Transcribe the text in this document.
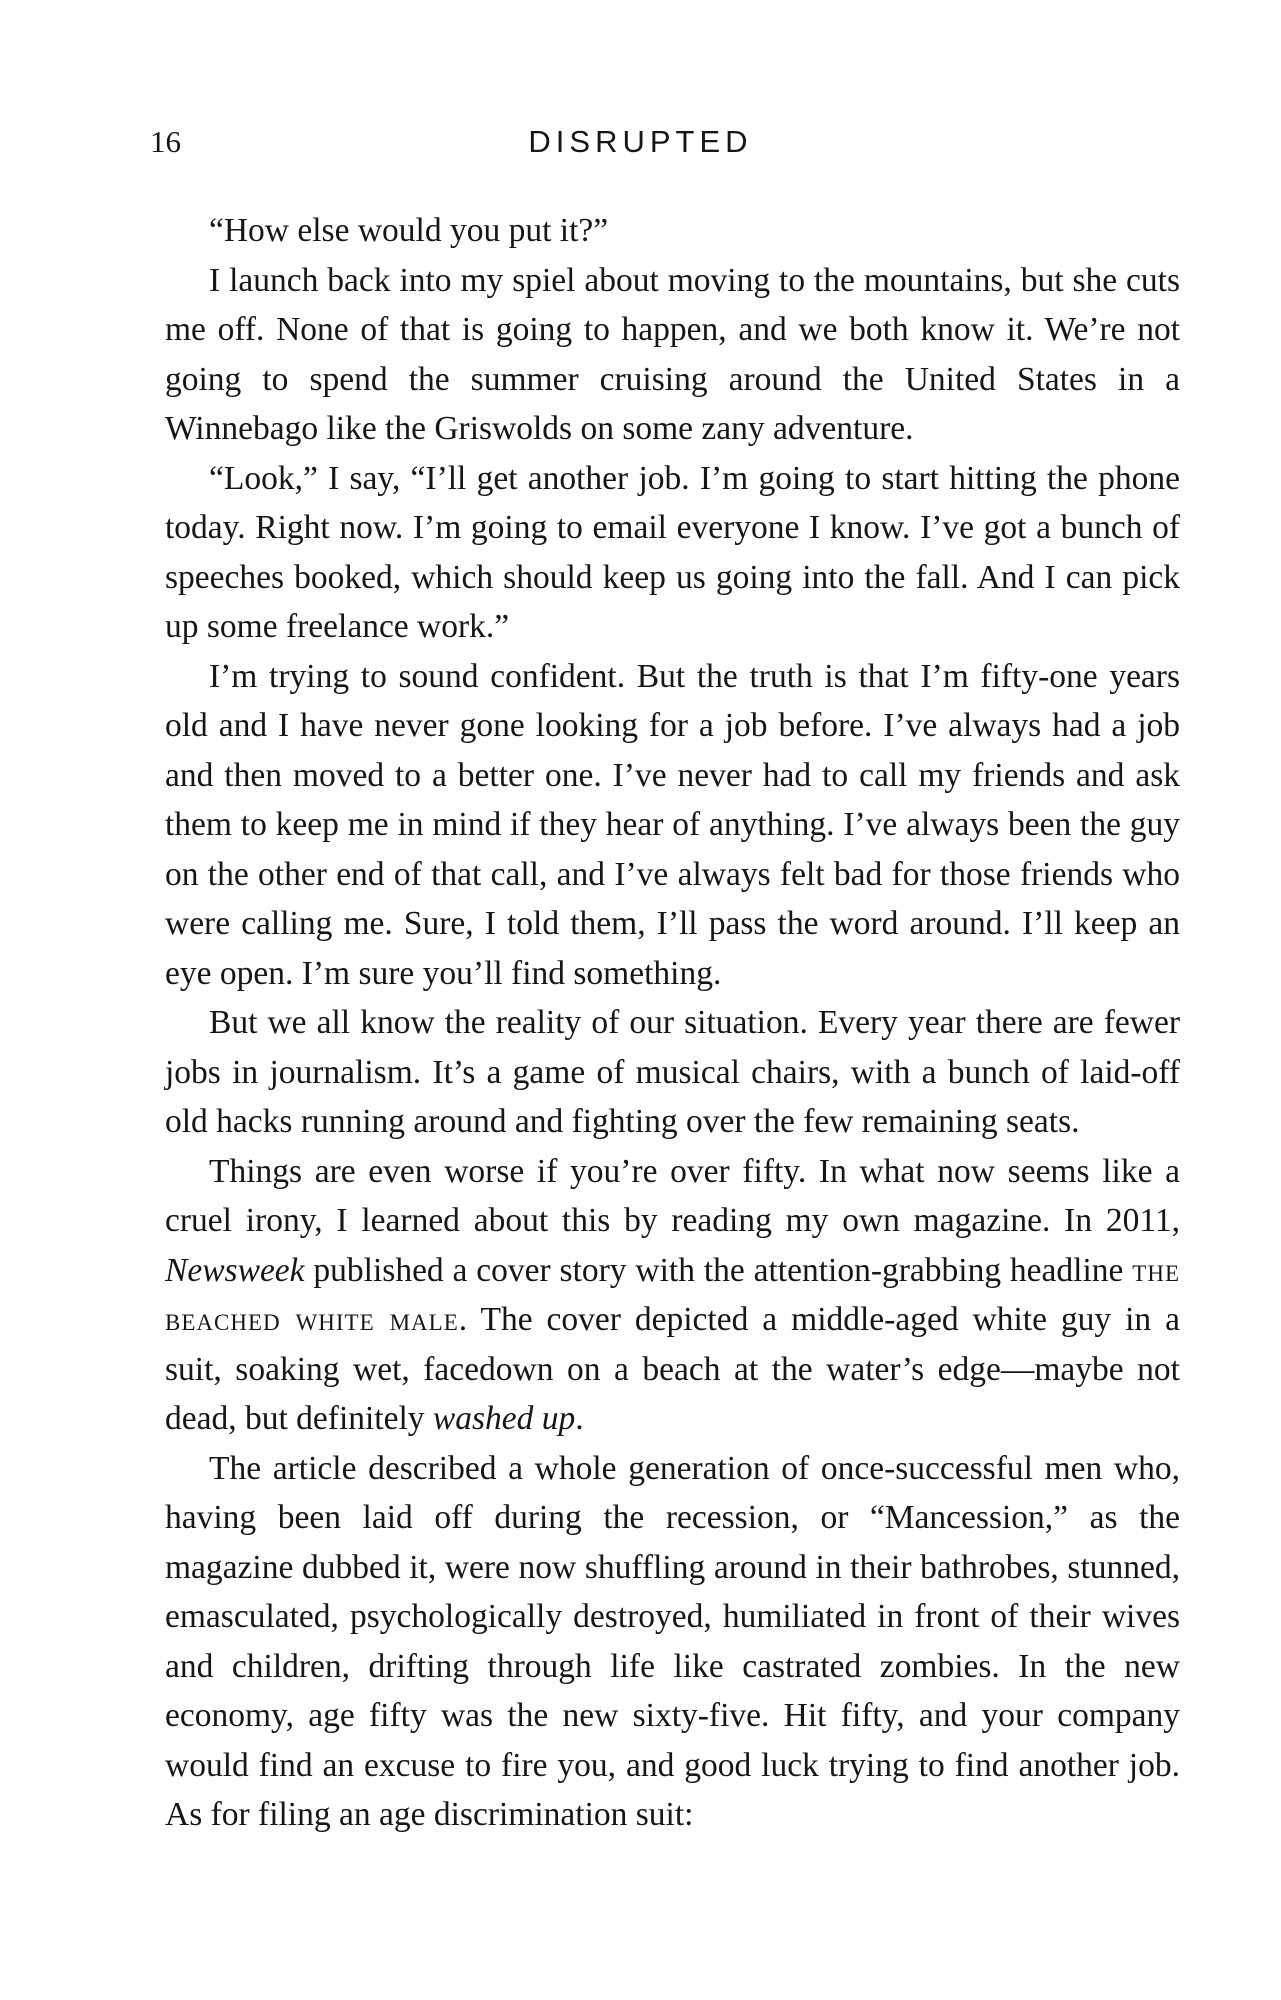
16	DISRUPTED

“How else would you put it?”

I launch back into my spiel about moving to the mountains, but she cuts me off. None of that is going to happen, and we both know it. We’re not going to spend the summer cruising around the United States in a Winnebago like the Griswolds on some zany adventure.

“Look,” I say, “I’ll get another job. I’m going to start hitting the phone today. Right now. I’m going to email everyone I know. I’ve got a bunch of speeches booked, which should keep us going into the fall. And I can pick up some freelance work.”

I’m trying to sound confident. But the truth is that I’m fifty-one years old and I have never gone looking for a job before. I’ve always had a job and then moved to a better one. I’ve never had to call my friends and ask them to keep me in mind if they hear of anything. I’ve always been the guy on the other end of that call, and I’ve always felt bad for those friends who were calling me. Sure, I told them, I’ll pass the word around. I’ll keep an eye open. I’m sure you’ll find something.

But we all know the reality of our situation. Every year there are fewer jobs in journalism. It’s a game of musical chairs, with a bunch of laid-off old hacks running around and fighting over the few remaining seats.

Things are even worse if you’re over fifty. In what now seems like a cruel irony, I learned about this by reading my own magazine. In 2011, Newsweek published a cover story with the attention-grabbing headline the beached white male. The cover depicted a middle-aged white guy in a suit, soaking wet, facedown on a beach at the water’s edge—maybe not dead, but definitely washed up.

The article described a whole generation of once-successful men who, having been laid off during the recession, or “Mancession,” as the magazine dubbed it, were now shuffling around in their bathrobes, stunned, emasculated, psychologically destroyed, humiliated in front of their wives and children, drifting through life like castrated zombies. In the new economy, age fifty was the new sixty-five. Hit fifty, and your company would find an excuse to fire you, and good luck trying to find another job. As for filing an age discrimination suit:
